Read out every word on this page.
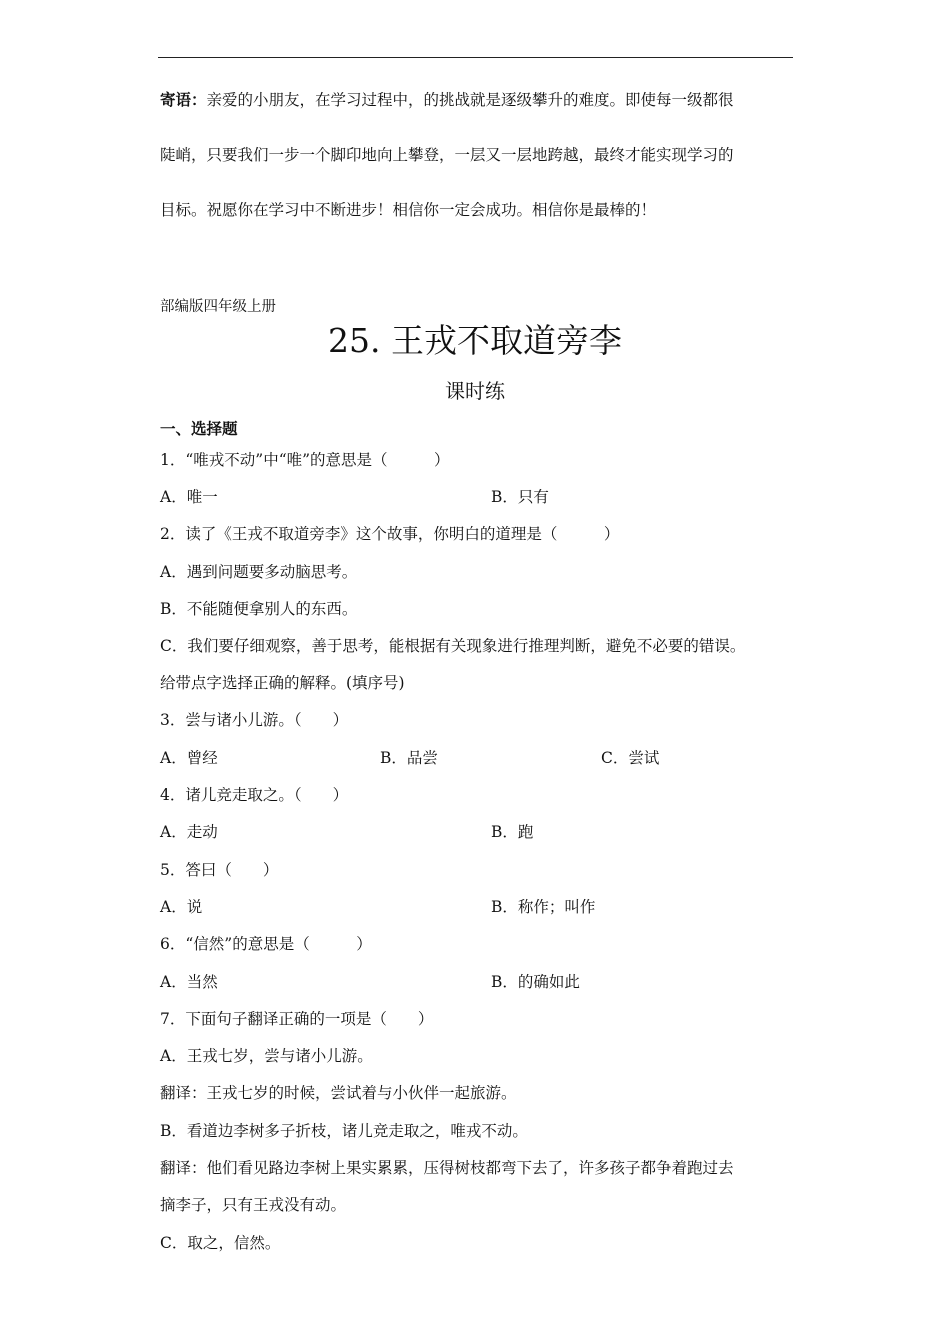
寄语：亲爱的小朋友，在学习过程中，的挑战就是逐级攀升的难度。即使每一级都很
陡峭，只要我们一步一个脚印地向上攀登，一层又一层地跨越，最终才能实现学习的
目标。祝愿你在学习中不断进步！相信你一定会成功。相信你是最棒的！
部编版四年级上册
25. 王戎不取道旁李
课时练
一、选择题
1．“唯戎不动”中“唯”的意思是（　　　）
A．唯一	B．只有
2．读了《王戎不取道旁李》这个故事，你明白的道理是（　　　）
A．遇到问题要多动脑思考。
B．不能随便拿别人的东西。
C．我们要仔细观察，善于思考，能根据有关现象进行推理判断，避免不必要的错误。
给带点字选择正确的解释。(填序号)
3．尝与诸小儿游。（　　）
A．曾经	B．品尝	C．尝试
4．诸儿竞走取之。（　　）
A．走动	B．跑
5．答曰（　　）
A．说	B．称作；叫作
6．“信然”的意思是（　　　）
A．当然	B．的确如此
7．下面句子翻译正确的一项是（　　）
A．王戎七岁，尝与诸小儿游。
翻译：王戎七岁的时候，尝试着与小伙伴一起旅游。
B．看道边李树多子折枝，诸儿竞走取之，唯戎不动。
翻译：他们看见路边李树上果实累累，压得树枝都弯下去了，许多孩子都争着跑过去
摘李子，只有王戎没有动。
C．取之，信然。
